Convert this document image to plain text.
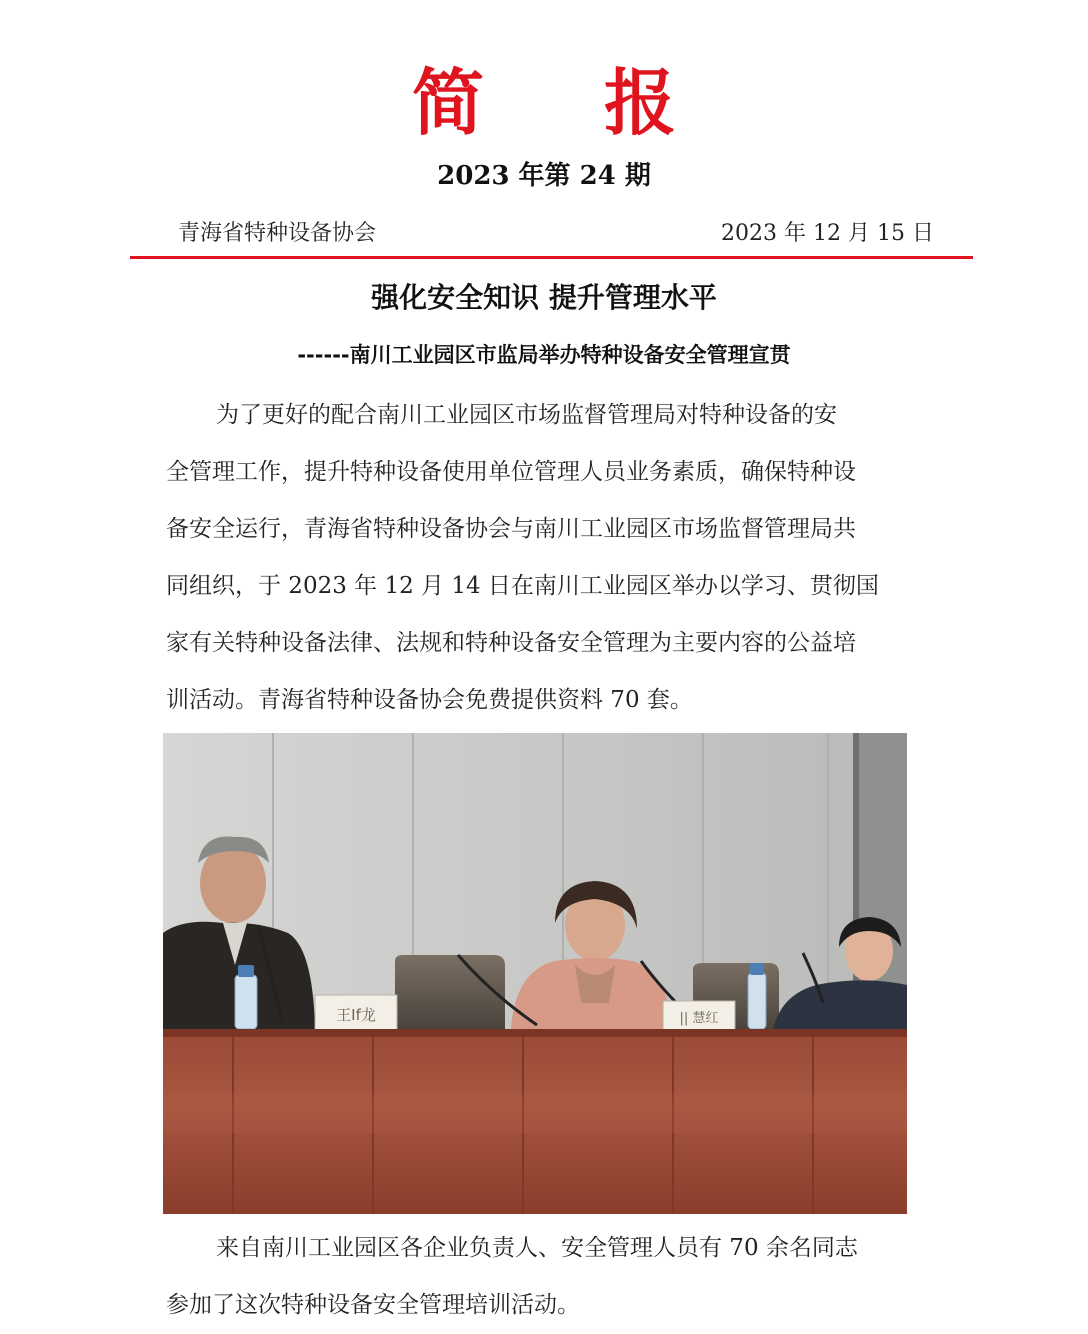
简 报
2023 年第 24 期
青海省特种设备协会	2023 年 12 月 15 日
强化安全知识 提升管理水平
------南川工业园区市监局举办特种设备安全管理宣贯
为了更好的配合南川工业园区市场监督管理局对特种设备的安
全管理工作，提升特种设备使用单位管理人员业务素质，确保特种设
备安全运行，青海省特种设备协会与南川工业园区市场监督管理局共
同组织，于 2023 年 12 月 14 日在南川工业园区举办以学习、贯彻国
家有关特种设备法律、法规和特种设备安全管理为主要内容的公益培
训活动。青海省特种设备协会免费提供资料 70 套。
王If龙	|| 慧红
来自南川工业园区各企业负责人、安全管理人员有 70 余名同志
参加了这次特种设备安全管理培训活动。
